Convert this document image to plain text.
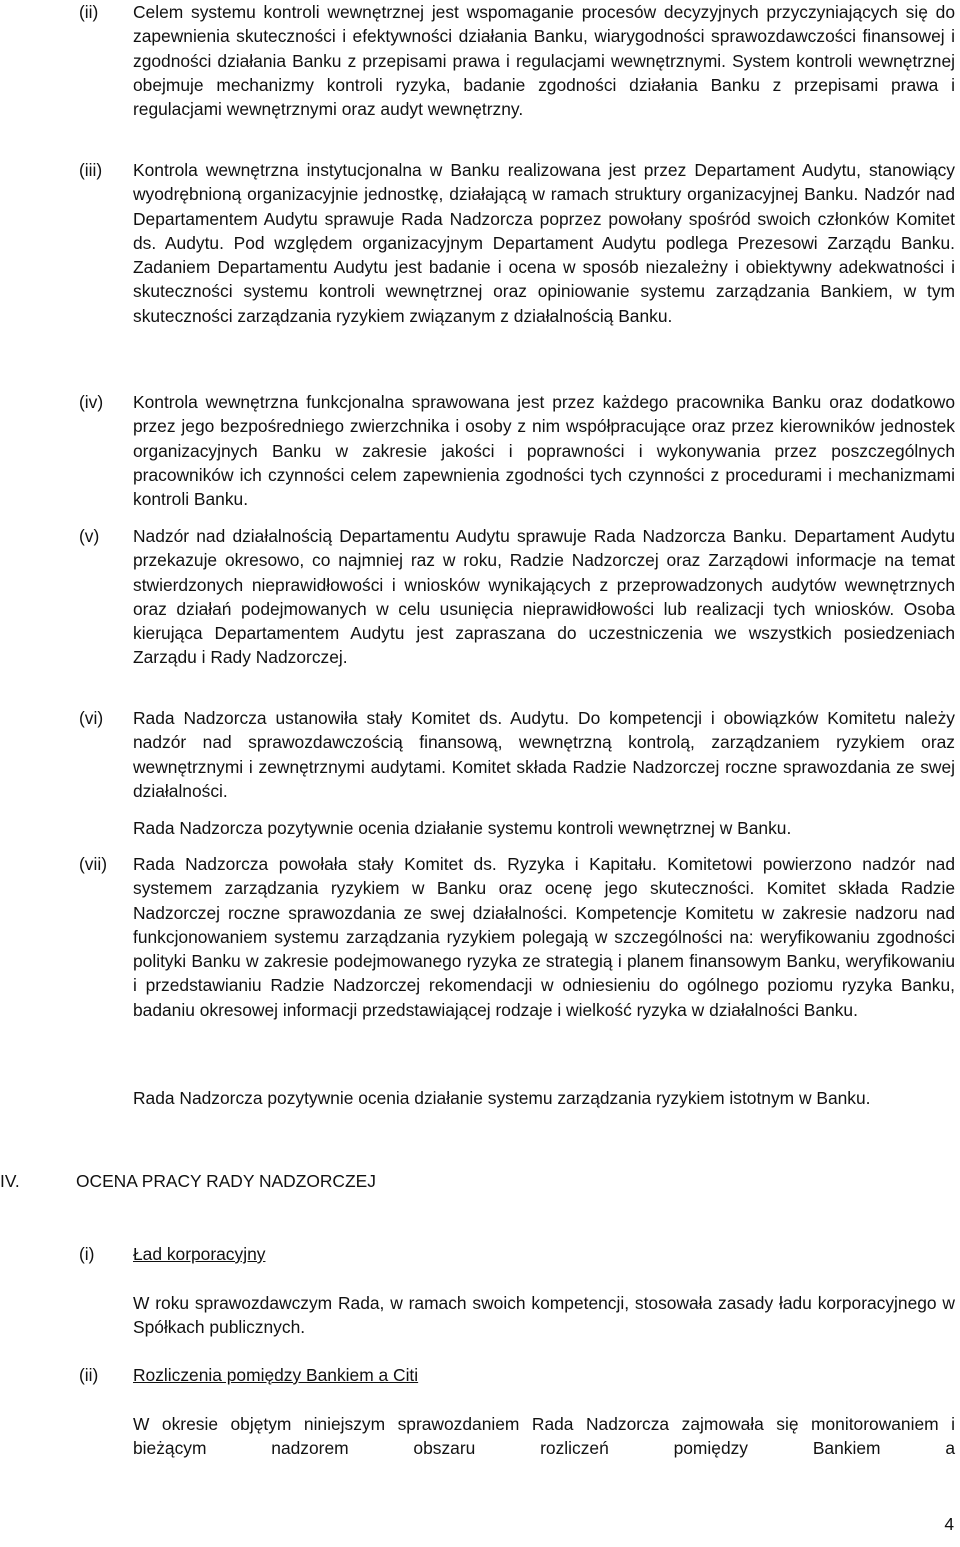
(ii) Celem systemu kontroli wewnętrznej jest wspomaganie procesów decyzyjnych przyczyniających się do zapewnienia skuteczności i efektywności działania Banku, wiarygodności sprawozdawczości finansowej i zgodności działania Banku z przepisami prawa i regulacjami wewnętrznymi. System kontroli wewnętrznej obejmuje mechanizmy kontroli ryzyka, badanie zgodności działania Banku z przepisami prawa i regulacjami wewnętrznymi oraz audyt wewnętrzny.

(iii) Kontrola wewnętrzna instytucjonalna w Banku realizowana jest przez Departament Audytu, stanowiący wyodrębnioną organizacyjnie jednostkę, działającą w ramach struktury organizacyjnej Banku. Nadzór nad Departamentem Audytu sprawuje Rada Nadzorcza poprzez powołany spośród swoich członków Komitet ds. Audytu. Pod względem organizacyjnym Departament Audytu podlega Prezesowi Zarządu Banku. Zadaniem Departamentu Audytu jest badanie i ocena w sposób niezależny i obiektywny adekwatności i skuteczności systemu kontroli wewnętrznej oraz opiniowanie systemu zarządzania Bankiem, w tym skuteczności zarządzania ryzykiem związanym z działalnością Banku.

(iv) Kontrola wewnętrzna funkcjonalna sprawowana jest przez każdego pracownika Banku oraz dodatkowo przez jego bezpośredniego zwierzchnika i osoby z nim współpracujące oraz przez kierowników jednostek organizacyjnych Banku w zakresie jakości i poprawności i wykonywania przez poszczególnych pracowników ich czynności celem zapewnienia zgodności tych czynności z procedurami i mechanizmami kontroli Banku.

(v) Nadzór nad działalnością Departamentu Audytu sprawuje Rada Nadzorcza Banku. Departament Audytu przekazuje okresowo, co najmniej raz w roku, Radzie Nadzorczej oraz Zarządowi informacje na temat stwierdzonych nieprawidłowości i wniosków wynikających z przeprowadzonych audytów wewnętrznych oraz działań podejmowanych w celu usunięcia nieprawidłowości lub realizacji tych wniosków. Osoba kierująca Departamentem Audytu jest zapraszana do uczestniczenia we wszystkich posiedzeniach Zarządu i Rady Nadzorczej.

(vi) Rada Nadzorcza ustanowiła stały Komitet ds. Audytu. Do kompetencji i obowiązków Komitetu należy nadzór nad sprawozdawczością finansową, wewnętrzną kontrolą, zarządzaniem ryzykiem oraz wewnętrznymi i zewnętrznymi audytami. Komitet składa Radzie Nadzorczej roczne sprawozdania ze swej działalności.

Rada Nadzorcza pozytywnie ocenia działanie systemu kontroli wewnętrznej w Banku.

(vii) Rada Nadzorcza powołała stały Komitet ds. Ryzyka i Kapitału. Komitetowi powierzono nadzór nad systemem zarządzania ryzykiem w Banku oraz ocenę jego skuteczności. Komitet składa Radzie Nadzorczej roczne sprawozdania ze swej działalności. Kompetencje Komitetu w zakresie nadzoru nad funkcjonowaniem systemu zarządzania ryzykiem polegają w szczególności na: weryfikowaniu zgodności polityki Banku w zakresie podejmowanego ryzyka ze strategią i planem finansowym Banku, weryfikowaniu i przedstawianiu Radzie Nadzorczej rekomendacji w odniesieniu do ogólnego poziomu ryzyka Banku, badaniu okresowej informacji przedstawiającej rodzaje i wielkość ryzyka w działalności Banku.

Rada Nadzorcza pozytywnie ocenia działanie systemu zarządzania ryzykiem istotnym w Banku.

IV.	OCENA PRACY RADY NADZORCZEJ
(i) Ład korporacyjny

W roku sprawozdawczym Rada, w ramach swoich kompetencji, stosowała zasady ładu korporacyjnego w Spółkach publicznych.

(ii) Rozliczenia pomiędzy Bankiem a Citi

W okresie objętym niniejszym sprawozdaniem Rada Nadzorcza zajmowała się monitorowaniem i bieżącym nadzorem obszaru rozliczeń pomiędzy Bankiem a

4
